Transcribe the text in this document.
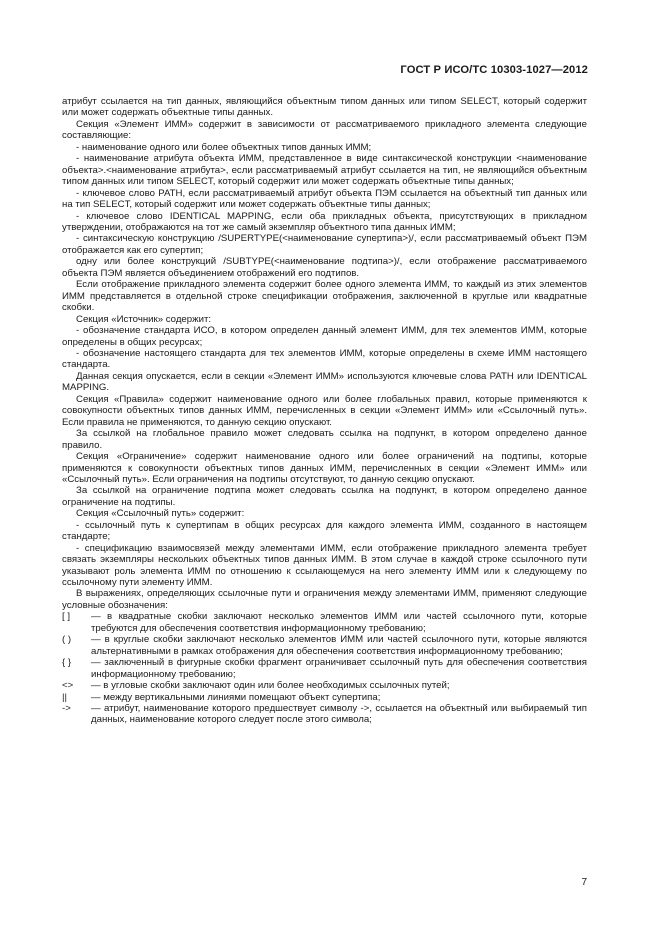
ГОСТ Р ИСО/ТС 10303-1027—2012

атрибут ссылается на тип данных, являющийся объектным типом данных или типом SELECT, который содержит или может содержать объектные типы данных.

Секция «Элемент ИММ» содержит в зависимости от рассматриваемого прикладного элемента следующие составляющие:

- наименование одного или более объектных типов данных ИММ;

- наименование атрибута объекта ИММ, представленное в виде синтаксической конструкции <наименование объекта>.<наименование атрибута>, если рассматриваемый атрибут ссылается на тип, не являющийся объектным типом данных или типом SELECT, который содержит или может содержать объектные типы данных;

- ключевое слово PATH, если рассматриваемый атрибут объекта ПЭМ ссылается на объектный тип данных или на тип SELECT, который содержит или может содержать объектные типы данных;

- ключевое слово IDENTICAL MAPPING, если оба прикладных объекта, присутствующих в прикладном утверждении, отображаются на тот же самый экземпляр объектного типа данных ИММ;

- синтаксическую конструкцию /SUPERTYPE(<наименование супертипа>)/, если рассматриваемый объект ПЭМ отображается как его супертип;

одну или более конструкций /SUBTYPE(<наименование подтипа>)/, если отображение рассматриваемого объекта ПЭМ является объединением отображений его подтипов.

Если отображение прикладного элемента содержит более одного элемента ИММ, то каждый из этих элементов ИММ представляется в отдельной строке спецификации отображения, заключенной в круглые или квадратные скобки.

Секция «Источник» содержит:

- обозначение стандарта ИСО, в котором определен данный элемент ИММ, для тех элементов ИММ, которые определены в общих ресурсах;

- обозначение настоящего стандарта для тех элементов ИММ, которые определены в схеме ИММ настоящего стандарта.

Данная секция опускается, если в секции «Элемент ИММ» используются ключевые слова PATH или IDENTICAL MAPPING.

Секция «Правила» содержит наименование одного или более глобальных правил, которые применяются к совокупности объектных типов данных ИММ, перечисленных в секции «Элемент ИММ» или «Ссылочный путь». Если правила не применяются, то данную секцию опускают.

За ссылкой на глобальное правило может следовать ссылка на подпункт, в котором определено данное правило.

Секция «Ограничение» содержит наименование одного или более ограничений на подтипы, которые применяются к совокупности объектных типов данных ИММ, перечисленных в секции «Элемент ИММ» или «Ссылочный путь». Если ограничения на подтипы отсутствуют, то данную секцию опускают.

За ссылкой на ограничение подтипа может следовать ссылка на подпункт, в котором определено данное ограничение на подтипы.

Секция «Ссылочный путь» содержит:

- ссылочный путь к супертипам в общих ресурсах для каждого элемента ИММ, созданного в настоящем стандарте;

- спецификацию взаимосвязей между элементами ИММ, если отображение прикладного элемента требует связать экземпляры нескольких объектных типов данных ИММ. В этом случае в каждой строке ссылочного пути указывают роль элемента ИММ по отношению к ссылающемуся на него элементу ИММ или к следующему по ссылочному пути элементу ИММ.

В выражениях, определяющих ссылочные пути и ограничения между элементами ИММ, применяют следующие условные обозначения:

[ ] — в квадратные скобки заключают несколько элементов ИММ или частей ссылочного пути, которые требуются для обеспечения соответствия информационному требованию;

( ) — в круглые скобки заключают несколько элементов ИММ или частей ссылочного пути, которые являются альтернативными в рамках отображения для обеспечения соответствия информационному требованию;

{ } — заключенный в фигурные скобки фрагмент ограничивает ссылочный путь для обеспечения соответствия информационному требованию;

<> — в угловые скобки заключают один или более необходимых ссылочных путей;

|| — между вертикальными линиями помещают объект супертипа;

-> — атрибут, наименование которого предшествует символу ->, ссылается на объектный или выбираемый тип данных, наименование которого следует после этого символа;

7
